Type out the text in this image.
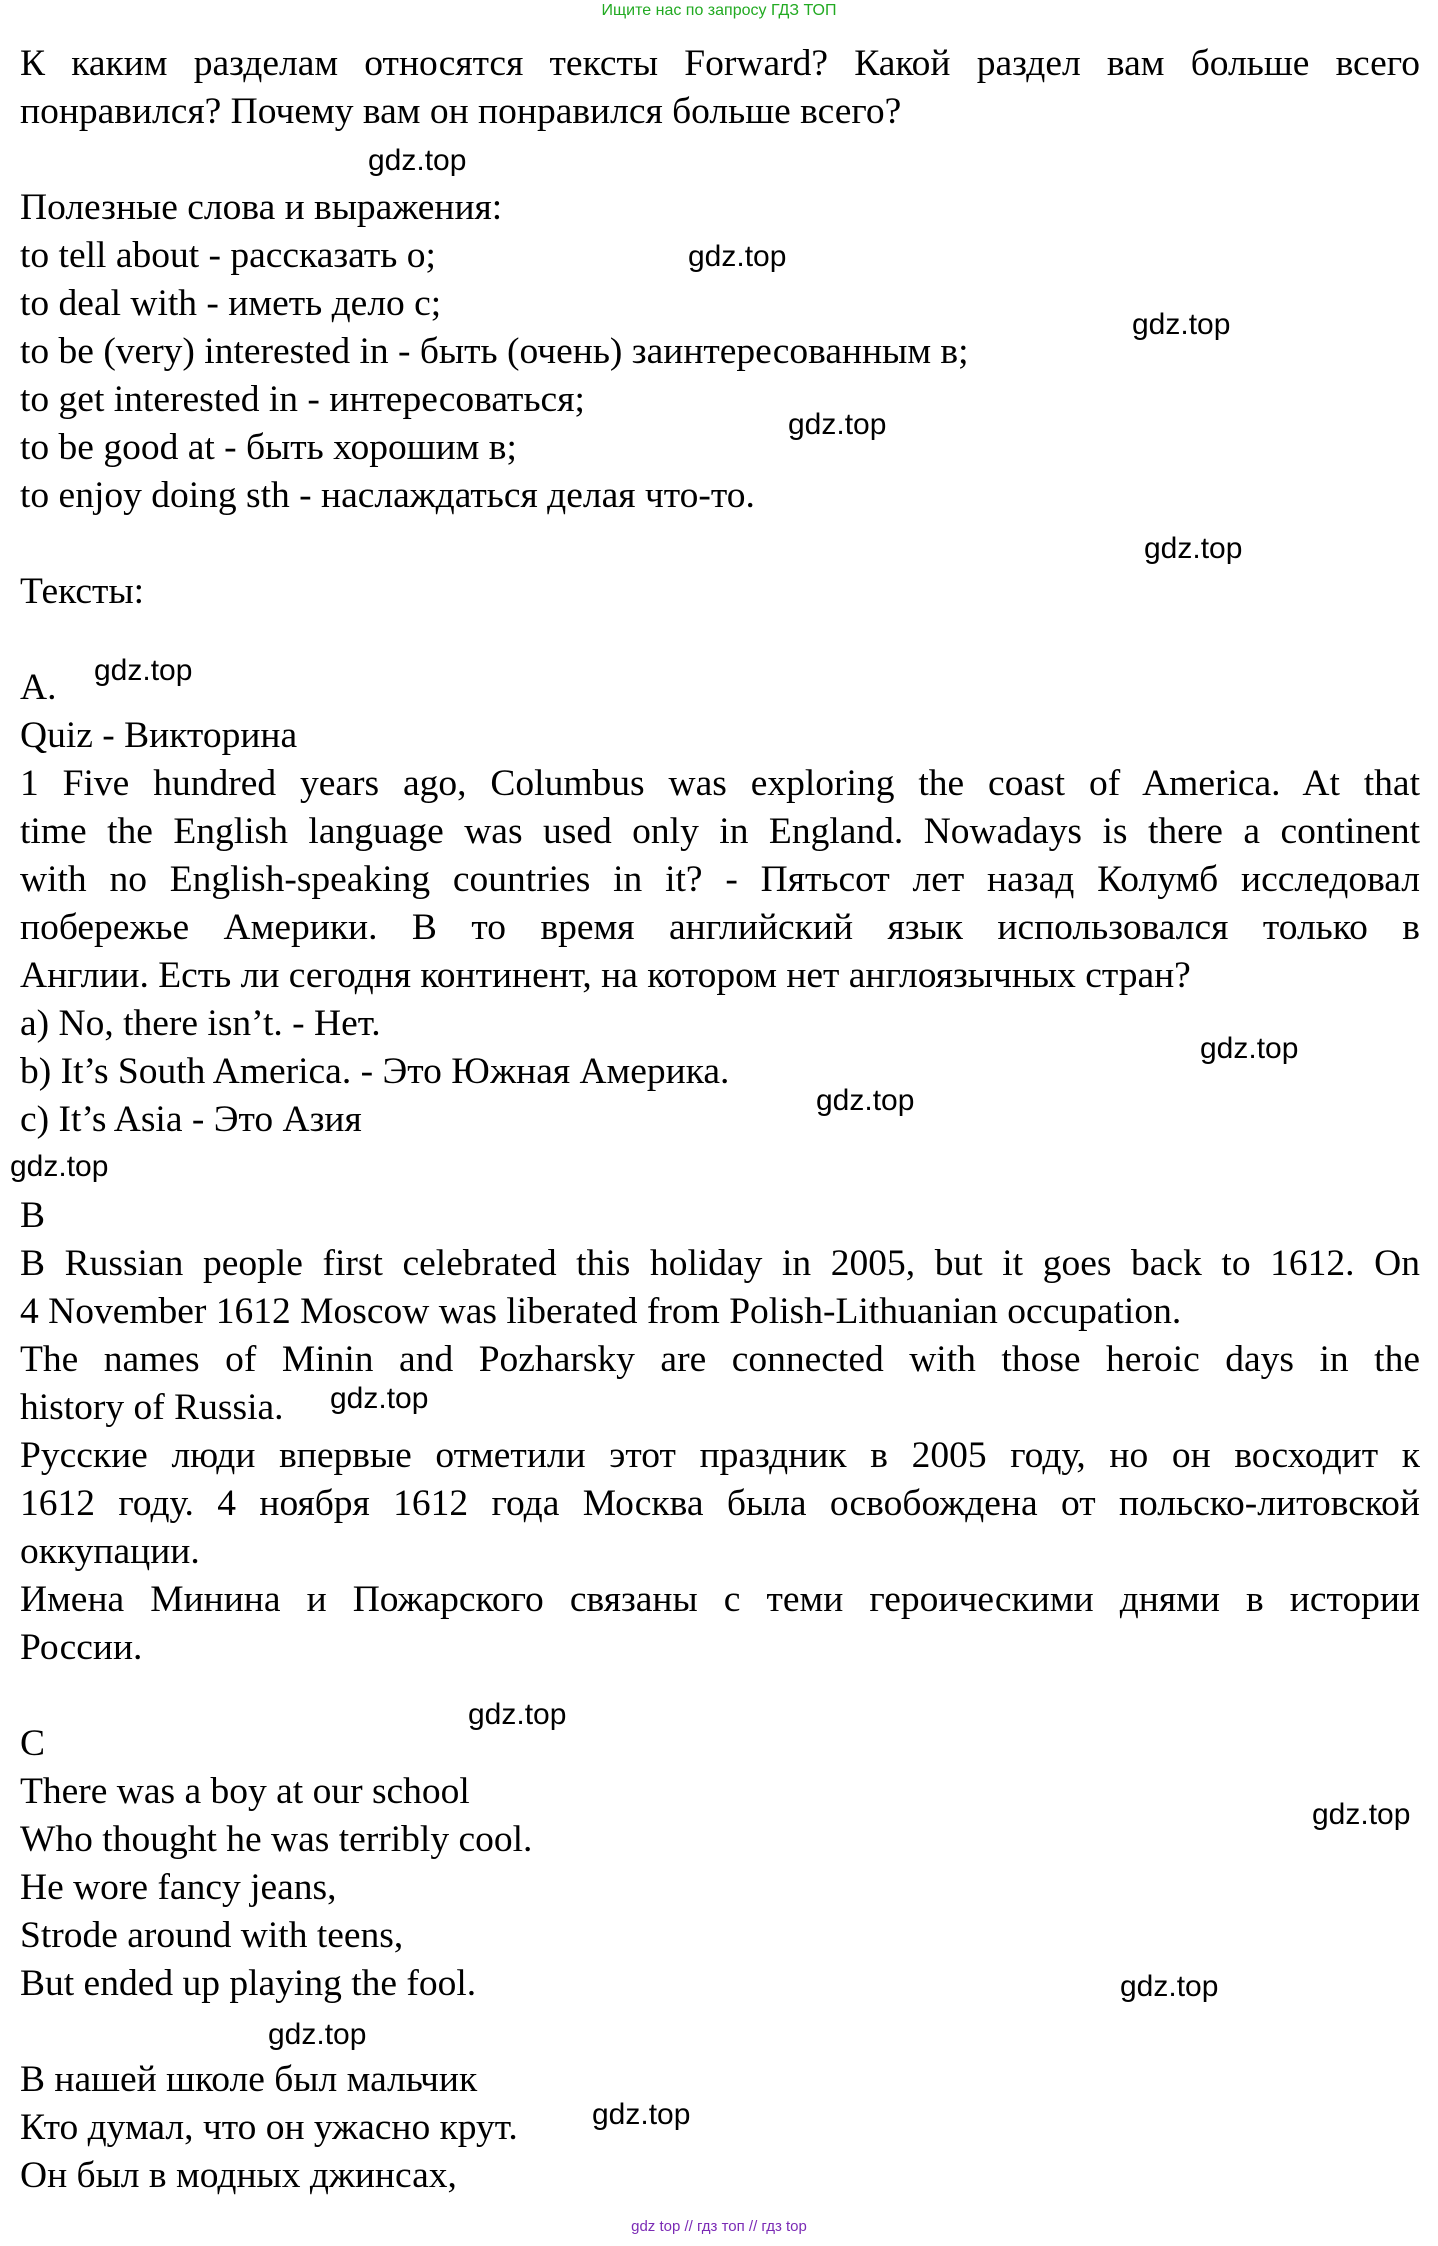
Ищите нас по запросу ГДЗ ТОП

К каким разделам относятся тексты Forward? Какой раздел вам больше всего

понравился? Почему вам он понравился больше всего?

Полезные слова и выражения:

to tell about - рассказать о;

to deal with - иметь дело с;

to be (very) interested in - быть (очень) заинтересованным в;

to get interested in - интересоваться;

to be good at - быть хорошим в;

to enjoy doing sth - наслаждаться делая что-то.

Тексты:

A.

Quiz - Викторина

1 Five hundred years ago, Columbus was exploring the coast of America. At that

time the English language was used only in England. Nowadays is there a continent

with no English-speaking countries in it? - Пятьсот лет назад Колумб исследовал

побережье Америки. В то время английский язык использовался только в

Англии. Есть ли сегодня континент, на котором нет англоязычных стран?

a) No, there isn’t. - Нет.

b) It’s South America. - Это Южная Америка.

c) It’s Asia - Это Азия

B

B Russian people first celebrated this holiday in 2005, but it goes back to 1612. On

4 November 1612 Moscow was liberated from Polish-Lithuanian occupation.

The names of Minin and Pozharsky are connected with those heroic days in the

history of Russia.

Русские люди впервые отметили этот праздник в 2005 году, но он восходит к

1612 году. 4 ноября 1612 года Москва была освобождена от польско-литовской

оккупации.

Имена Минина и Пожарского связаны с теми героическими днями в истории

России.

C

There was a boy at our school

Who thought he was terribly cool.

He wore fancy jeans,

Strode around with teens,

But ended up playing the fool.

В нашей школе был мальчик

Кто думал, что он ужасно крут.

Он был в модных джинсах,

gdz.top
gdz.top
gdz.top
gdz.top
gdz.top
gdz.top
gdz.top
gdz.top
gdz.top
gdz.top
gdz.top
gdz.top
gdz.top
gdz.top
gdz.top
gdz top // гдз топ // гдз top
